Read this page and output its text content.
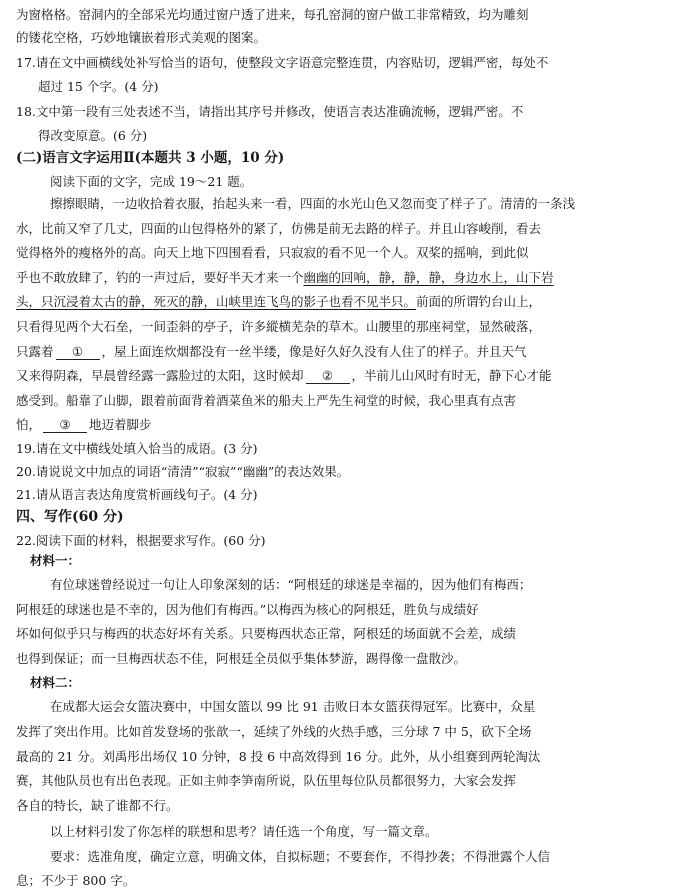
为窗格格。窑洞内的全部采光均通过窗户透了进来，每孔窑洞的窗户做工非常精致，均为雕刻
的镂花空格，巧妙地镶嵌着形式美观的图案。
17.请在文中画横线处补写恰当的语句，使整段文字语意完整连贯，内容贴切，逻辑严密，每处不
超过 15 个字。(4 分)
18.文中第一段有三处表述不当，请指出其序号并修改，使语言表达准确流畅，逻辑严密。不
得改变原意。(6 分)
(二)语言文字运用Ⅱ(本题共 3 小题，10 分)
阅读下面的文字，完成 19～21 题。
擦擦眼睛，一边收拾着衣服，抬起头来一看，四面的水光山色又忽而变了样子了。清清的一条浅
水，比前又窄了几丈，四面的山包得格外的紧了，仿佛是前无去路的样子。并且山容峻削，看去
觉得格外的瘦格外的高。向天上地下四围看看，只寂寂的看不见一个人。双桨的摇响，到此似
乎也不敢放肆了，钓的一声过后，要好半天才来一个幽幽的回响，静，静，静，身边水上，山下岩
头，只沉浸着太古的静，死灭的静，山峡里连飞鸟的影子也看不见半只。前面的所谓钓台山上，
只看得见两个大石垒，一间歪斜的亭子，许多縱横芜杂的草木。山腰里的那座祠堂，显然破落，
只露着 ① ，屋上面连炊烟都没有一丝半缕，像是好久好久没有人住了的样子。并且天气
又来得阴森，早晨曾经露一露脸过的太阳，这时候却 ② ，半前儿山风时有时无，静下心才能
感受到。船靠了山脚，跟着前面背着酒菜鱼米的船夫上严先生祠堂的时候，我心里真有点害
怕， ③ 地迈着脚步
19.请在文中横线处填入恰当的成语。(3 分)
20.请说说文中加点的词语“清清”“寂寂”“幽幽”的表达效果。
21.请从语言表达角度赏析画线句子。(4 分)
四、写作(60 分)
22.阅读下面的材料，根据要求写作。(60 分)
材料一：
有位球迷曾经说过一句让人印象深刻的话：“阿根廷的球迷是幸福的，因为他们有梅西；
阿根廷的球迷也是不幸的，因为他们有梅西。”以梅西为核心的阿根廷，胜负与成绩好
坏如何似乎只与梅西的状态好坏有关系。只要梅西状态正常，阿根廷的场面就不会差，成绩
也得到保证；而一旦梅西状态不佳，阿根廷全员似乎集体梦游，踢得像一盘散沙。
材料二：
在成都大运会女篮决赛中，中国女篮以 99 比 91 击败日本女篮获得冠军。比赛中，众星
发挥了突出作用。比如首发登场的张歆一，延续了外线的火热手感，三分球 7 中 5，砍下全场
最高的 21 分。刘禹彤出场仅 10 分钟，8 投 6 中高效得到 16 分。此外，从小组赛到两轮淘汰
赛，其他队员也有出色表现。正如主帅李笋南所说，队伍里每位队员都很努力，大家会发挥
各自的特长，缺了谁都不行。
以上材料引发了你怎样的联想和思考？请任选一个角度，写一篇文章。
要求：选准角度，确定立意，明确文体，自拟标题；不要套作，不得抄袭；不得泄露个人信
息；不少于 800 字。
